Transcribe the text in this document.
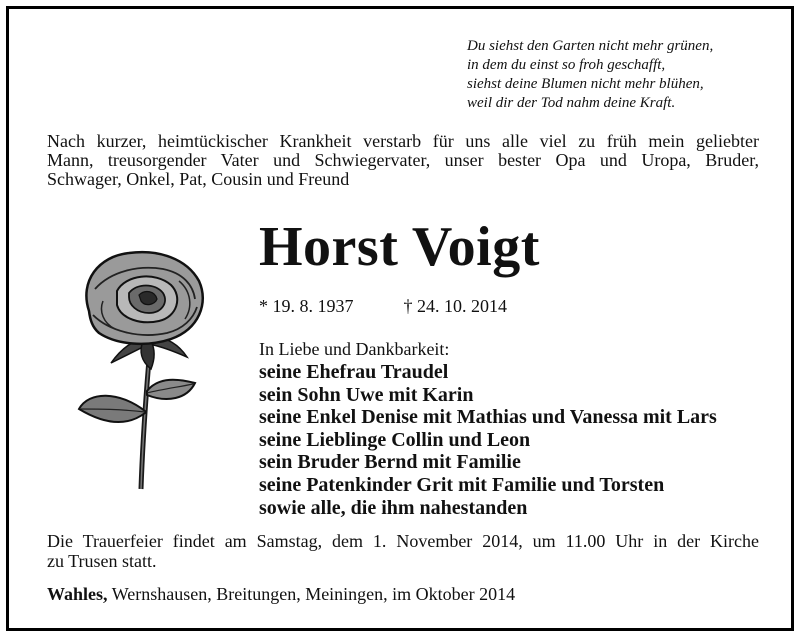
Du siehst den Garten nicht mehr grünen,
in dem du einst so froh geschafft,
siehst deine Blumen nicht mehr blühen,
weil dir der Tod nahm deine Kraft.
Nach kurzer, heimtückischer Krankheit verstarb für uns alle viel zu früh mein geliebter
Mann, treusorgender Vater und Schwiegervater, unser bester Opa und Uropa, Bruder,
Schwager, Onkel, Pat, Cousin und Freund
Horst Voigt
* 19. 8. 1937	† 24. 10. 2014
In Liebe und Dankbarkeit:
seine Ehefrau Traudel
sein Sohn Uwe mit Karin
seine Enkel Denise mit Mathias und Vanessa mit Lars
seine Lieblinge Collin und Leon
sein Bruder Bernd mit Familie
seine Patenkinder Grit mit Familie und Torsten
sowie alle, die ihm nahestanden
Die Trauerfeier findet am Samstag, dem 1. November 2014, um 11.00 Uhr in der Kirche
zu Trusen statt.
Wahles, Wernshausen, Breitungen, Meiningen, im Oktober 2014
